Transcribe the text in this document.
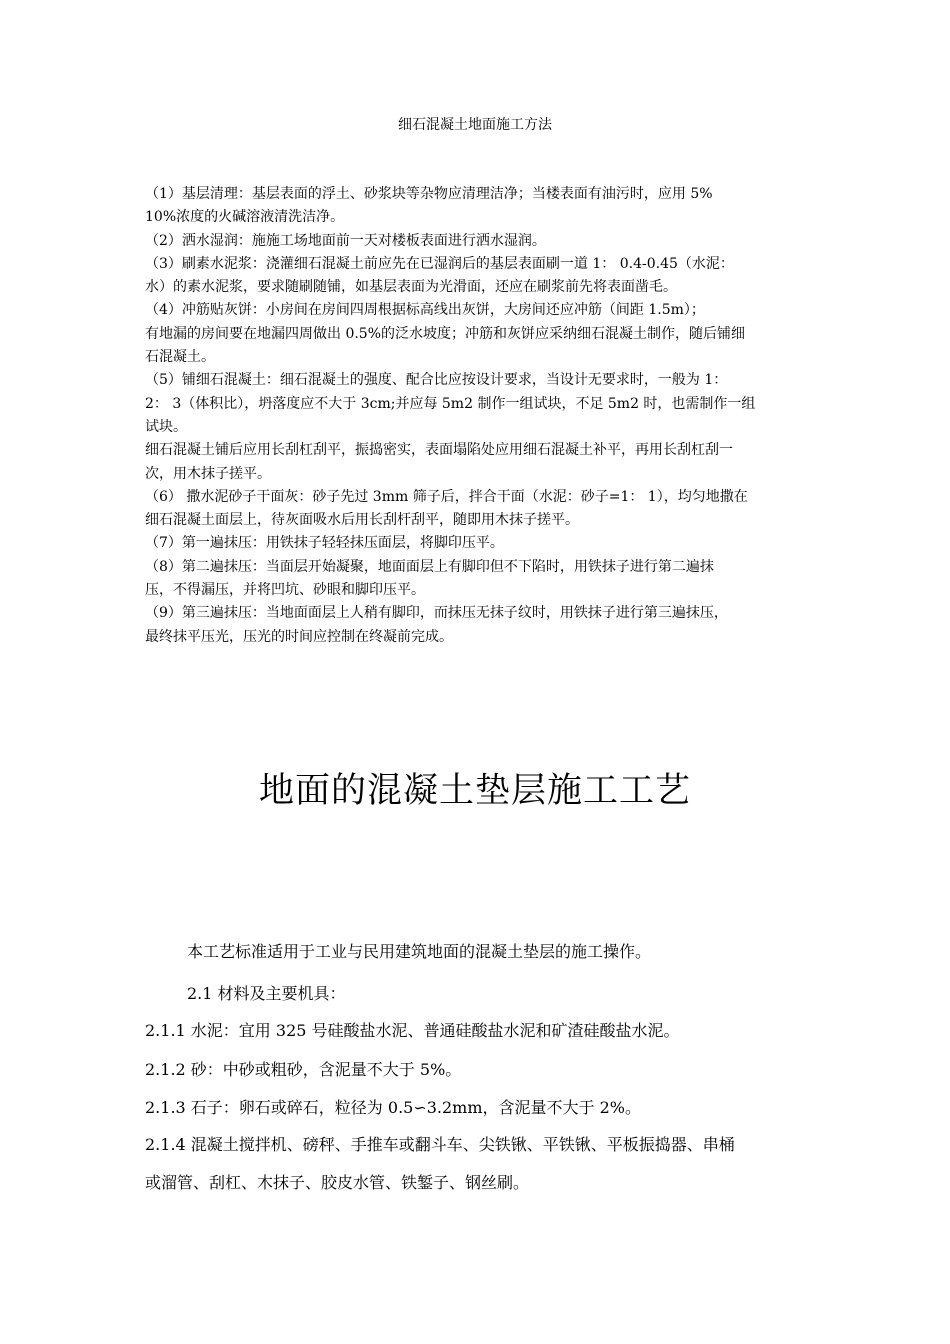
细石混凝土地面施工方法
（1）基层清理：基层表面的浮土、砂浆块等杂物应清理洁净；当楼表面有油污时，应用 5%
10%浓度的火碱溶液清洗洁净。
（2）洒水湿润：施施工场地面前一天对楼板表面进行洒水湿润。
（3）刷素水泥浆：浇灌细石混凝土前应先在已湿润后的基层表面刷一道 1： 0.4-0.45（水泥：
水）的素水泥浆，要求随刷随铺，如基层表面为光滑面，还应在刷浆前先将表面凿毛。
（4）冲筋贴灰饼：小房间在房间四周根据标高线出灰饼，大房间还应冲筋（间距 1.5m）；
有地漏的房间要在地漏四周做出 0.5%的泛水坡度；冲筋和灰饼应采纳细石混凝土制作，随后铺细
石混凝土。
（5）铺细石混凝土：细石混凝土的强度、配合比应按设计要求，当设计无要求时，一般为 1：
2： 3（体积比），坍落度应不大于 3cm;并应每 5m2 制作一组试块，不足 5m2 时，也需制作一组
试块。
细石混凝土铺后应用长刮杠刮平，振捣密实，表面塌陷处应用细石混凝土补平，再用长刮杠刮一
次，用木抹子搓平。
（6） 撒水泥砂子干面灰：砂子先过 3mm 筛子后，拌合干面（水泥：砂子=1： 1），均匀地撒在
细石混凝土面层上，待灰面吸水后用长刮杆刮平，随即用木抹子搓平。
（7）第一遍抹压：用铁抹子轻轻抹压面层，将脚印压平。
（8）第二遍抹压：当面层开始凝聚，地面面层上有脚印但不下陷时，用铁抹子进行第二遍抹
压，不得漏压，并将凹坑、砂眼和脚印压平。
（9）第三遍抹压：当地面面层上人稍有脚印，而抹压无抹子纹时，用铁抹子进行第三遍抹压，
最终抹平压光，压光的时间应控制在终凝前完成。
地面的混凝土垫层施工工艺
本工艺标准适用于工业与民用建筑地面的混凝土垫层的施工操作。
2.1 材料及主要机具：
2.1.1 水泥：宜用 325 号硅酸盐水泥、普通硅酸盐水泥和矿渣硅酸盐水泥。
2.1.2 砂：中砂或粗砂，含泥量不大于 5%。
2.1.3 石子：卵石或碎石，粒径为 0.5∽3.2mm，含泥量不大于 2%。
2.1.4 混凝土搅拌机、磅秤、手推车或翻斗车、尖铁锹、平铁锹、平板振捣器、串桶
或溜管、刮杠、木抹子、胶皮水管、铁錾子、钢丝刷。
